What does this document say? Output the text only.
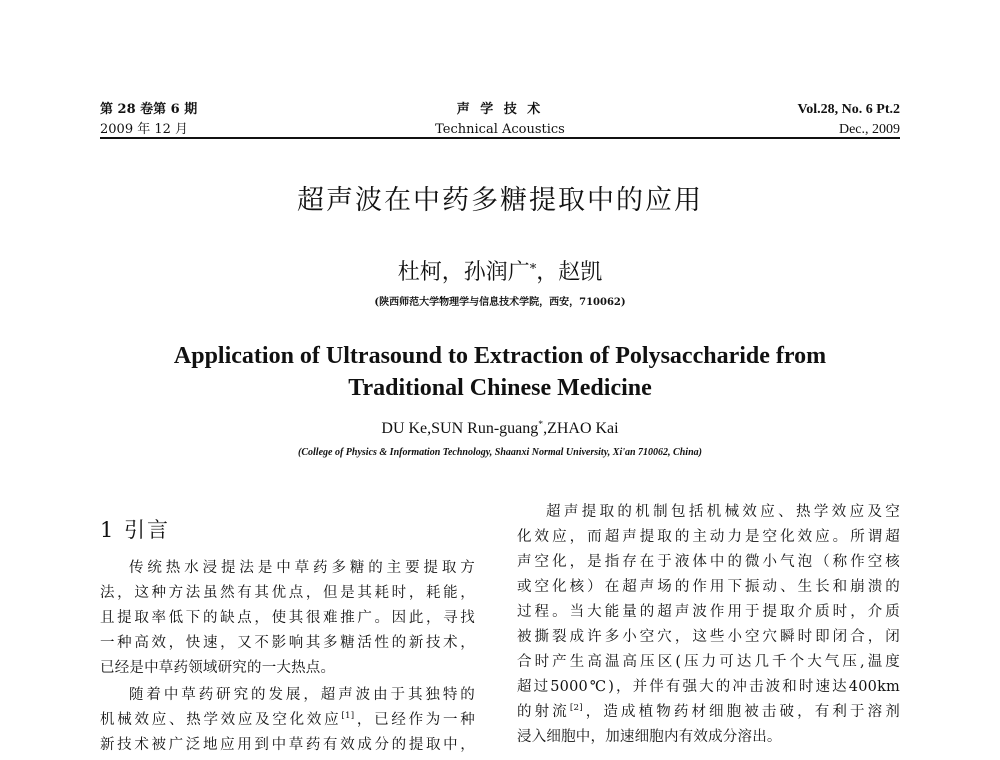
第 28 卷第 6 期
2009 年 12 月
声 学 技 术
Technical Acoustics
Vol.28, No. 6 Pt.2
Dec., 2009
超声波在中药多糖提取中的应用
杜柯，孙润广*，赵凯
(陕西师范大学物理学与信息技术学院，西安，710062)
Application of Ultrasound to Extraction of Polysaccharide from
Traditional Chinese Medicine
DU Ke,SUN Run-guang*,ZHAO Kai
(College of Physics & Information Technology, Shaanxi Normal University, Xi'an 710062, China)
1 引言
传统热水浸提法是中草药多糖的主要提取方
法，这种方法虽然有其优点，但是其耗时，耗能，
且提取率低下的缺点，使其很难推广。因此，寻找
一种高效，快速，又不影响其多糖活性的新技术，
已经是中草药领域研究的一大热点。
随着中草药研究的发展，超声波由于其独特的
机械效应、热学效应及空化效应[1]，已经作为一种
新技术被广泛地应用到中草药有效成分的提取中，
超声提取的机制包括机械效应、热学效应及空
化效应，而超声提取的主动力是空化效应。所谓超
声空化，是指存在于液体中的微小气泡（称作空核
或空化核）在超声场的作用下振动、生长和崩溃的
过程。当大能量的超声波作用于提取介质时，介质
被撕裂成许多小空穴，这些小空穴瞬时即闭合，闭
合时产生高温高压区(压力可达几千个大气压,温度
超过5000℃)，并伴有强大的冲击波和时速达400km
的射流[2]，造成植物药材细胞被击破，有利于溶剂
浸入细胞中，加速细胞内有效成分溶出。
